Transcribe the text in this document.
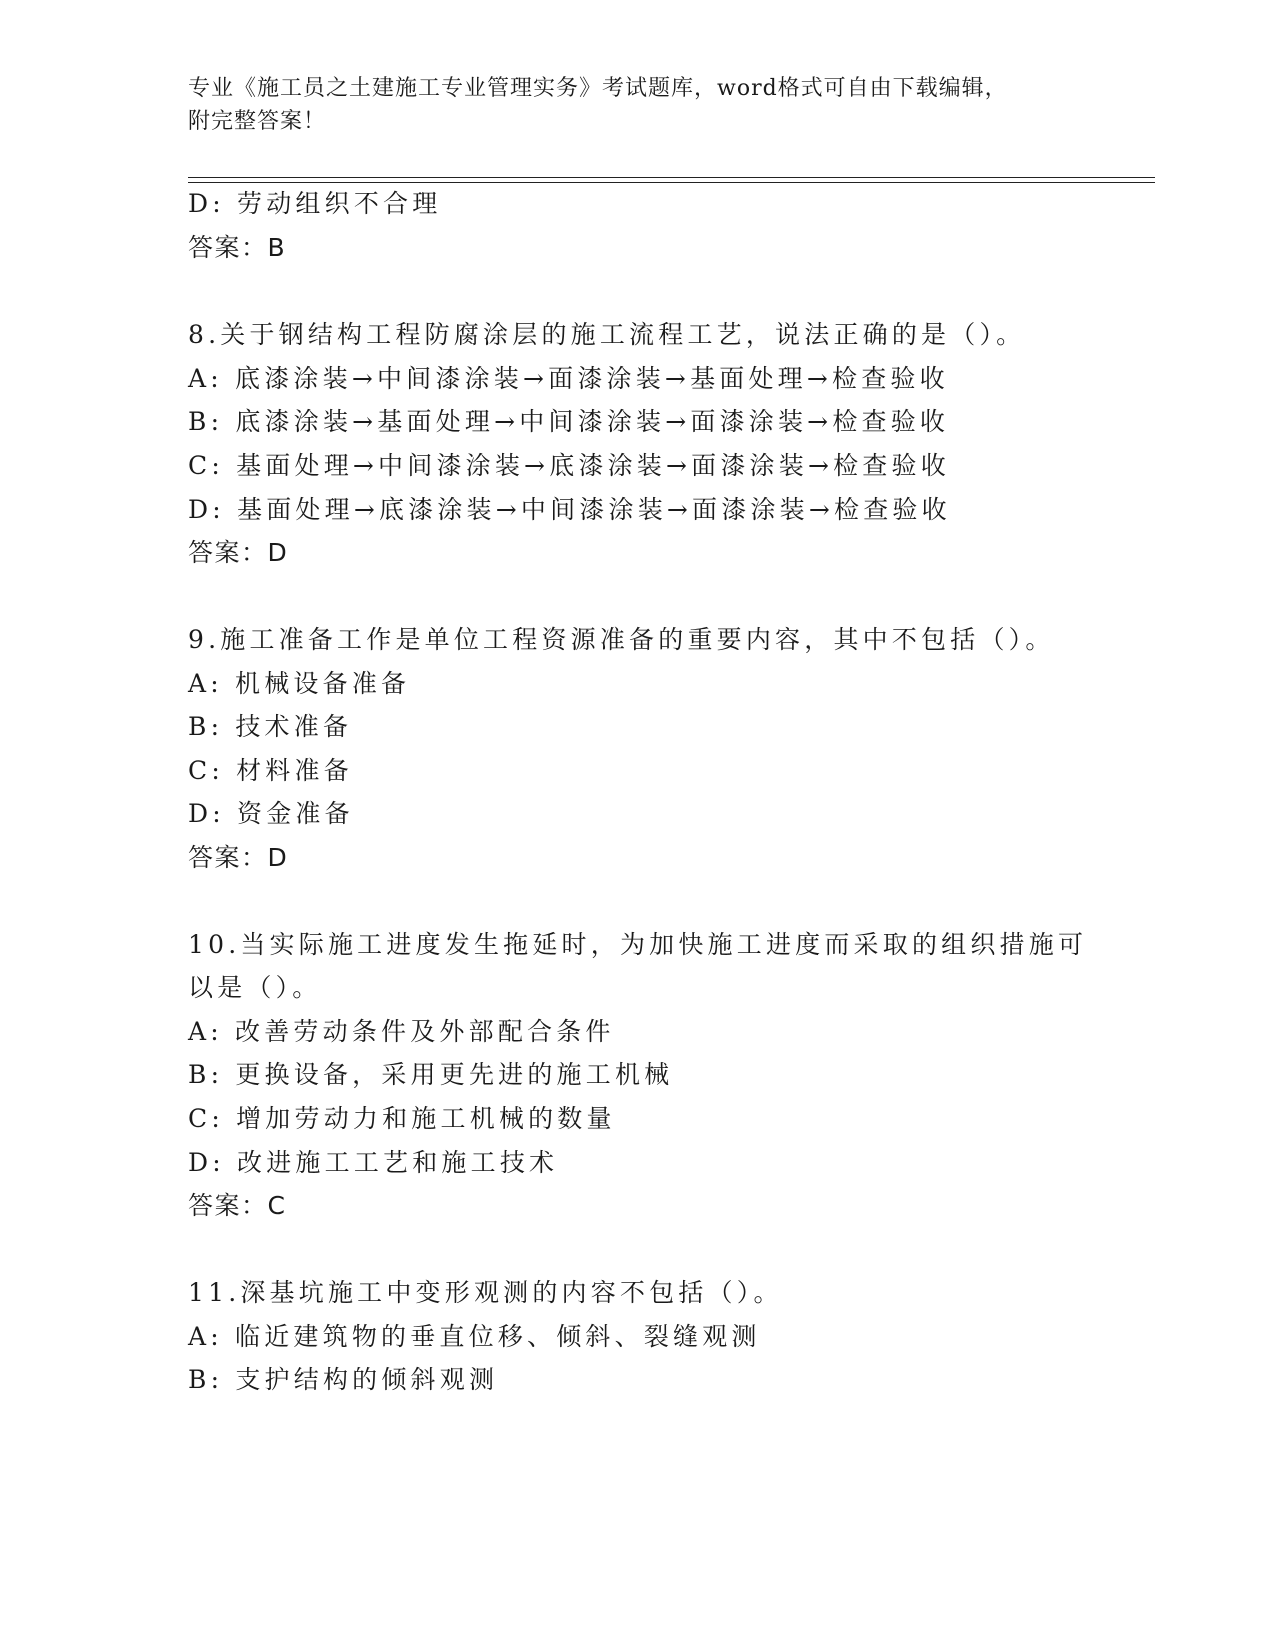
专业《施工员之土建施工专业管理实务》考试题库，word格式可自由下载编辑，
附完整答案！
D: 劳动组织不合理
答案：B
8.关于钢结构工程防腐涂层的施工流程工艺，说法正确的是（）。
A: 底漆涂装→中间漆涂装→面漆涂装→基面处理→检查验收
B: 底漆涂装→基面处理→中间漆涂装→面漆涂装→检查验收
C: 基面处理→中间漆涂装→底漆涂装→面漆涂装→检查验收
D: 基面处理→底漆涂装→中间漆涂装→面漆涂装→检查验收
答案：D
9.施工准备工作是单位工程资源准备的重要内容，其中不包括（）。
A: 机械设备准备
B: 技术准备
C: 材料准备
D: 资金准备
答案：D
10.当实际施工进度发生拖延时，为加快施工进度而采取的组织措施可
以是（）。
A: 改善劳动条件及外部配合条件
B: 更换设备，采用更先进的施工机械
C: 增加劳动力和施工机械的数量
D: 改进施工工艺和施工技术
答案：C
11.深基坑施工中变形观测的内容不包括（）。
A: 临近建筑物的垂直位移、倾斜、裂缝观测
B: 支护结构的倾斜观测
